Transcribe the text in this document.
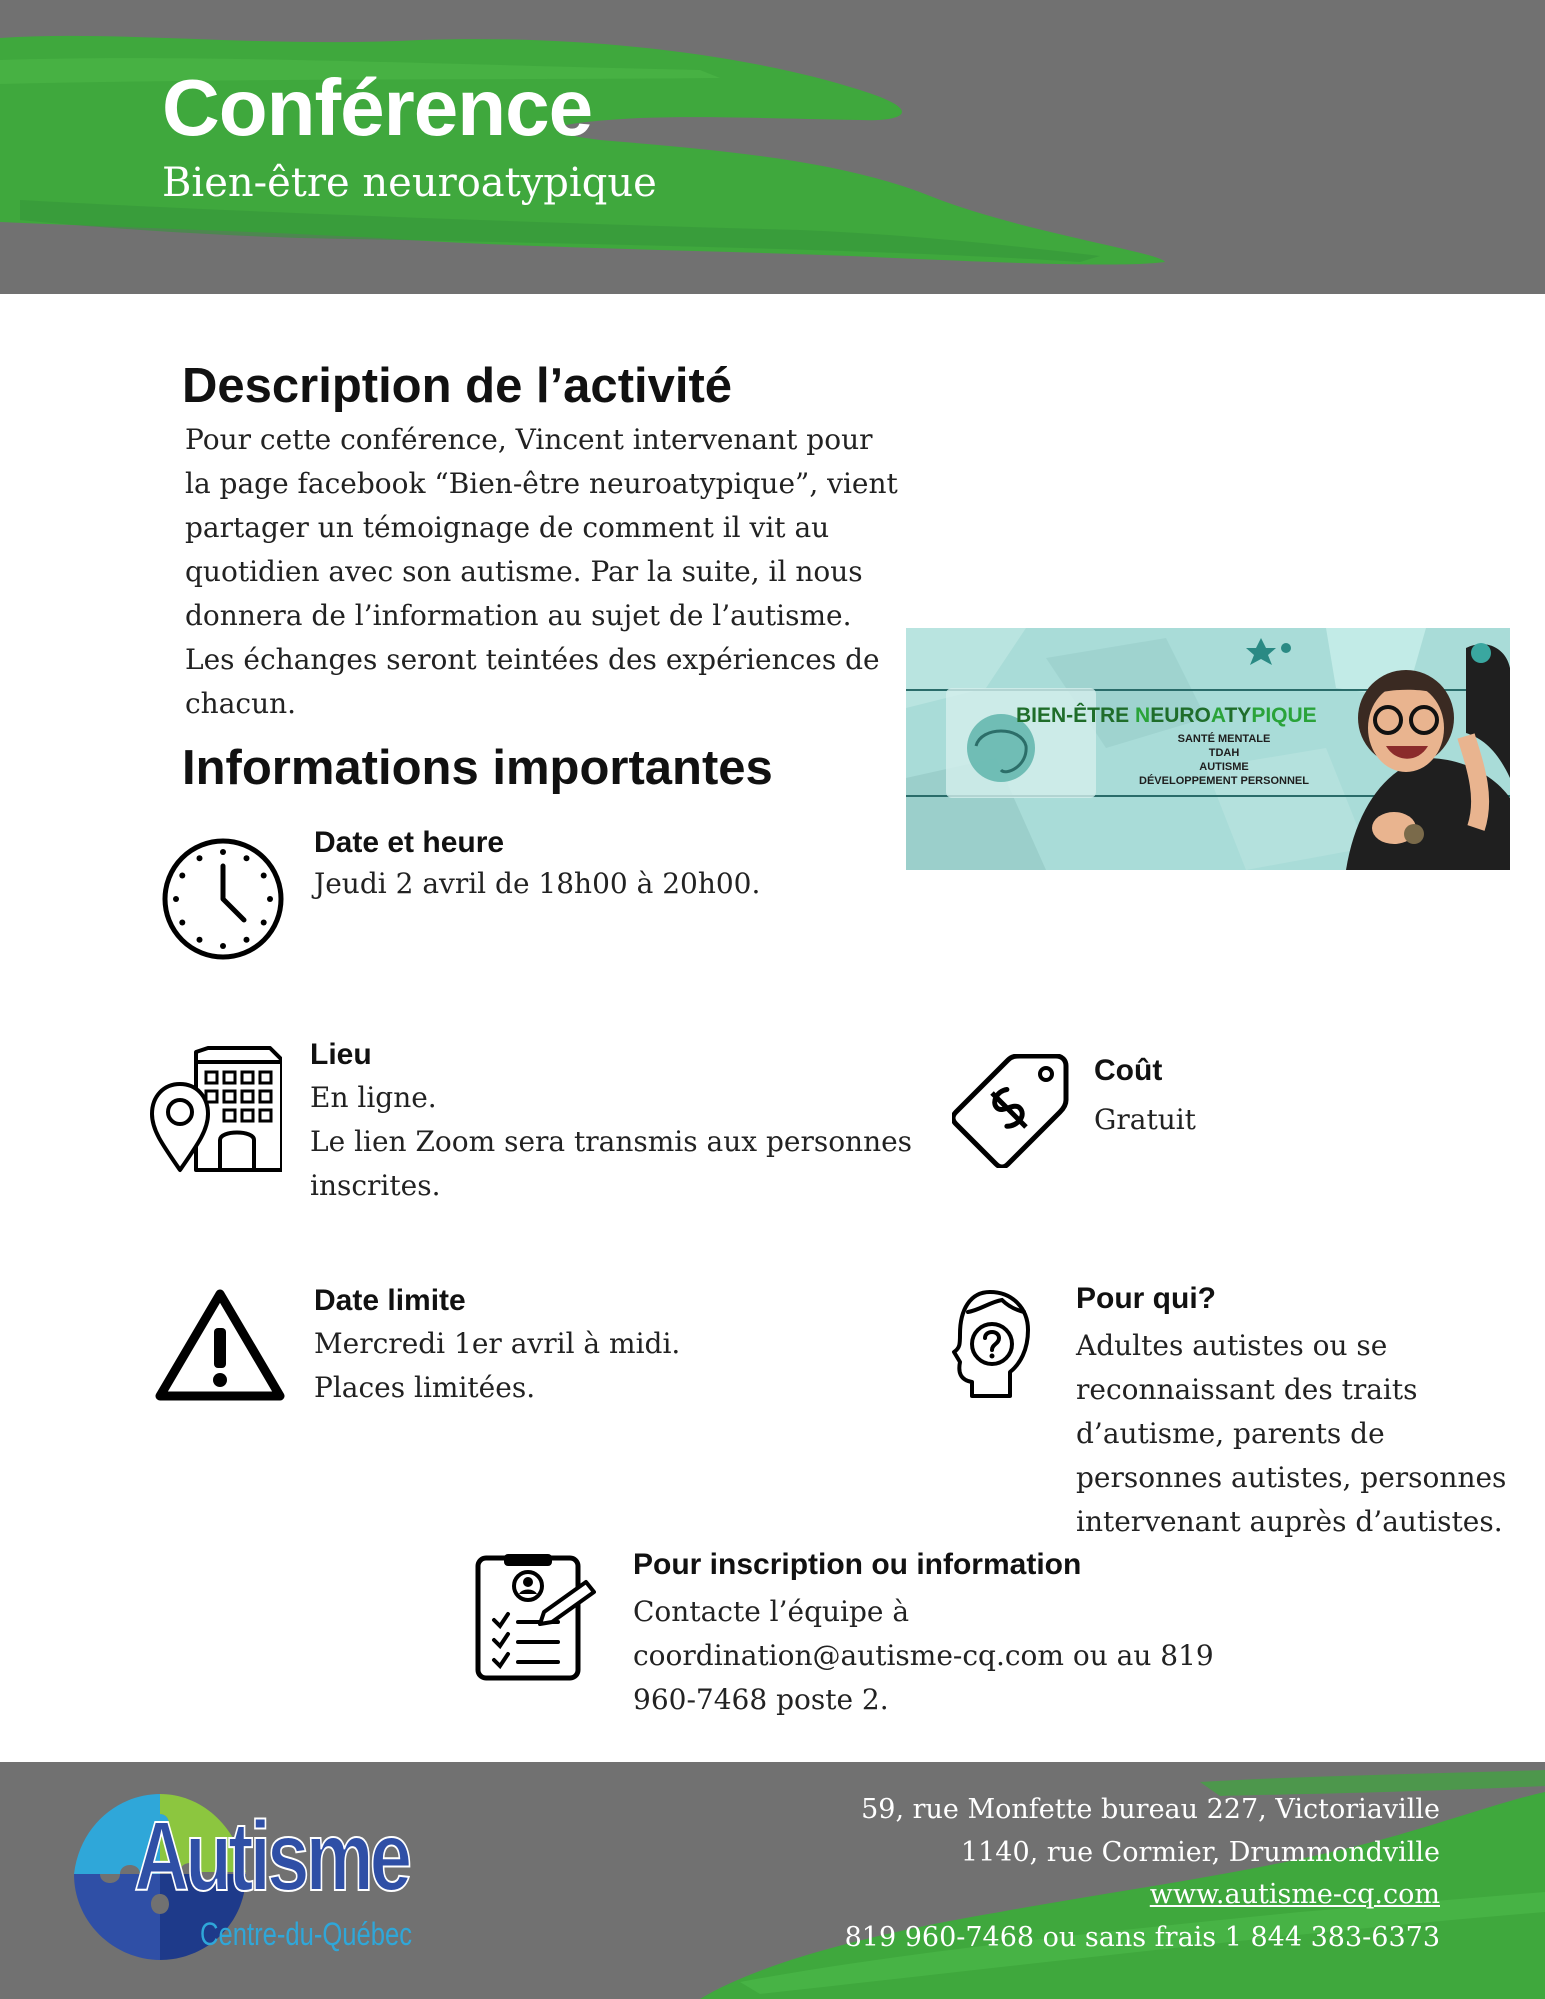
Conférence
Bien-être neuroatypique
Description de l’activité
Pour cette conférence, Vincent intervenant pour
la page facebook “Bien-être neuroatypique”, vient
partager un témoignage de comment il vit au
quotidien avec son autisme. Par la suite, il nous
donnera de l’information au sujet de l’autisme.
Les échanges seront teintées des expériences de
chacun.	BIEN-ÊTRE NEUROATYPIQUE
SANTÉ MENTALE
TDAH
AUTISME
DÉVELOPPEMENT PERSONNEL
Informations importantes
Date et heure
Jeudi 2 avril de 18h00 à 20h00.
Lieu
En ligne.
Le lien Zoom sera transmis aux personnes
inscrites.
Coût
Gratuit
Date limite
Mercredi 1er avril à midi.
Places limitées.
Pour qui?
Adultes autistes ou se
reconnaissant des traits
d’autisme, parents de
personnes autistes, personnes
intervenant auprès d’autistes.
Pour inscription ou information
Contacte l’équipe à
coordination@autisme-cq.com ou au 819
960-7468 poste 2.
Autisme
Centre-du-Québec
59, rue Monfette bureau 227, Victoriaville
1140, rue Cormier, Drummondville
www.autisme-cq.com
819 960-7468 ou sans frais 1 844 383-6373
